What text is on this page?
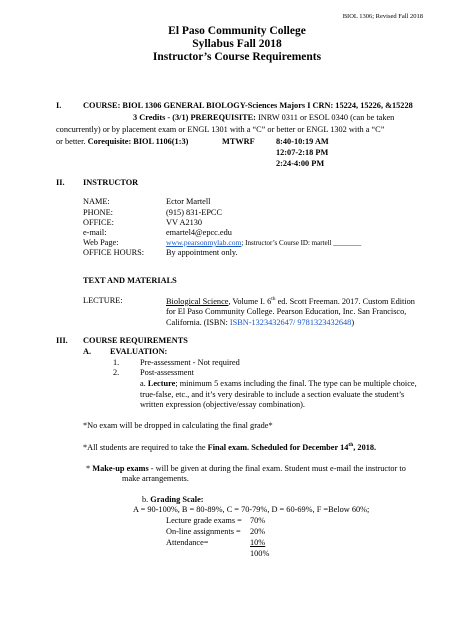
BIOL 1306; Revised Fall 2018
El Paso Community College
Syllabus Fall 2018
Instructor’s Course Requirements
I.	COURSE: BIOL 1306 GENERAL BIOLOGY-Sciences Majors I CRN: 15224, 15226, &15228
3 Credits - (3/1) PREREQUISITE: INRW 0311 or ESOL 0340 (can be taken
concurrently) or by placement exam or ENGL 1301 with a “C” or better or ENGL 1302 with a “C”
or better. Corequisite: BIOL 1106(1:3)	MTWRF	8:40-10:19 AM
12:07-2:18 PM
2:24-4:00 PM
II. INSTRUCTOR
NAME:	Ector Martell
PHONE:	(915) 831-EPCC
OFFICE:	VV A2130
e-mail:	emartel4@epcc.edu
Web Page:	www.pearsonmylab.com; Instructor’s Course ID: martell ________
OFFICE HOURS:	By appointment only.
TEXT AND MATERIALS
LECTURE:	Biological Science, Volume I. 6th ed. Scott Freeman. 2017. Custom Edition
for El Paso Community College. Pearson Education, Inc. San Francisco,
California. (ISBN: ISBN-1323432647/ 9781323432648)
III. COURSE REQUIREMENTS
A. EVALUATION:
1.	Pre-assessment - Not required
2.	Post-assessment
a. Lecture; minimum 5 exams including the final. The type can be multiple choice,
true-false, etc., and it’s very desirable to include a section evaluate the student’s
written expression (objective/essay combination).
*No exam will be dropped in calculating the final grade*
*All students are required to take the Final exam. Scheduled for December 14th, 2018.
* Make-up exams - will be given at during the final exam. Student must e-mail the instructor to
make arrangements.
b. Grading Scale:
A = 90-100%, B = 80-89%, C = 70-79%, D = 60-69%, F =Below 60%;
Lecture grade exams = 70%
On-line assignments = 20%
Attendance=	10%
100%
